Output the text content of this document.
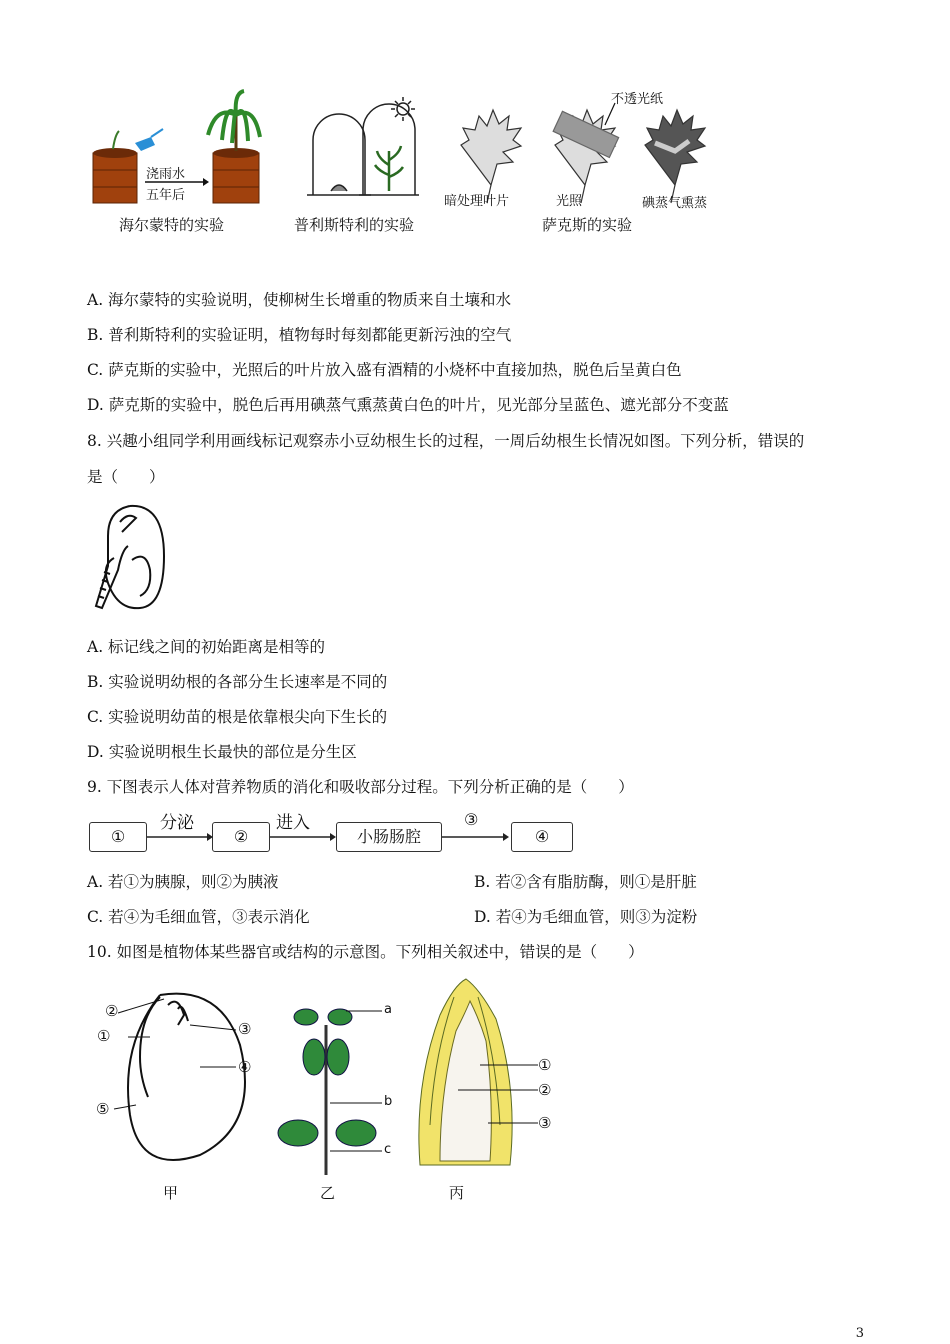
浇雨水
五年后
不透光纸
暗处理叶片	光照	碘蒸气熏蒸
海尔蒙特的实验	普利斯特利的实验	萨克斯的实验
A. 海尔蒙特的实验说明，使柳树生长增重的物质来自土壤和水
B. 普利斯特利的实验证明，植物每时每刻都能更新污浊的空气
C. 萨克斯的实验中，光照后的叶片放入盛有酒精的小烧杯中直接加热，脱色后呈黄白色
D. 萨克斯的实验中，脱色后再用碘蒸气熏蒸黄白色的叶片，见光部分呈蓝色、遮光部分不变蓝
8. 兴趣小组同学利用画线标记观察赤小豆幼根生长的过程，一周后幼根生长情况如图。下列分析，错误的
是（　　）
A. 标记线之间的初始距离是相等的
B. 实验说明幼根的各部分生长速率是不同的
C. 实验说明幼苗的根是依靠根尖向下生长的
D. 实验说明根生长最快的部位是分生区
9. 下图表示人体对营养物质的消化和吸收部分过程。下列分析正确的是（　　）
①	②	小肠肠腔	④
分泌	进入	③
A. 若①为胰腺，则②为胰液	B. 若②含有脂肪酶，则①是肝脏
C. 若④为毛细血管，③表示消化	D. 若④为毛细血管，则③为淀粉
10. 如图是植物体某些器官或结构的示意图。下列相关叙述中，错误的是（　　）
②
①	③
④
⑤
a
b
c
①
②
③
甲	乙	丙
3
